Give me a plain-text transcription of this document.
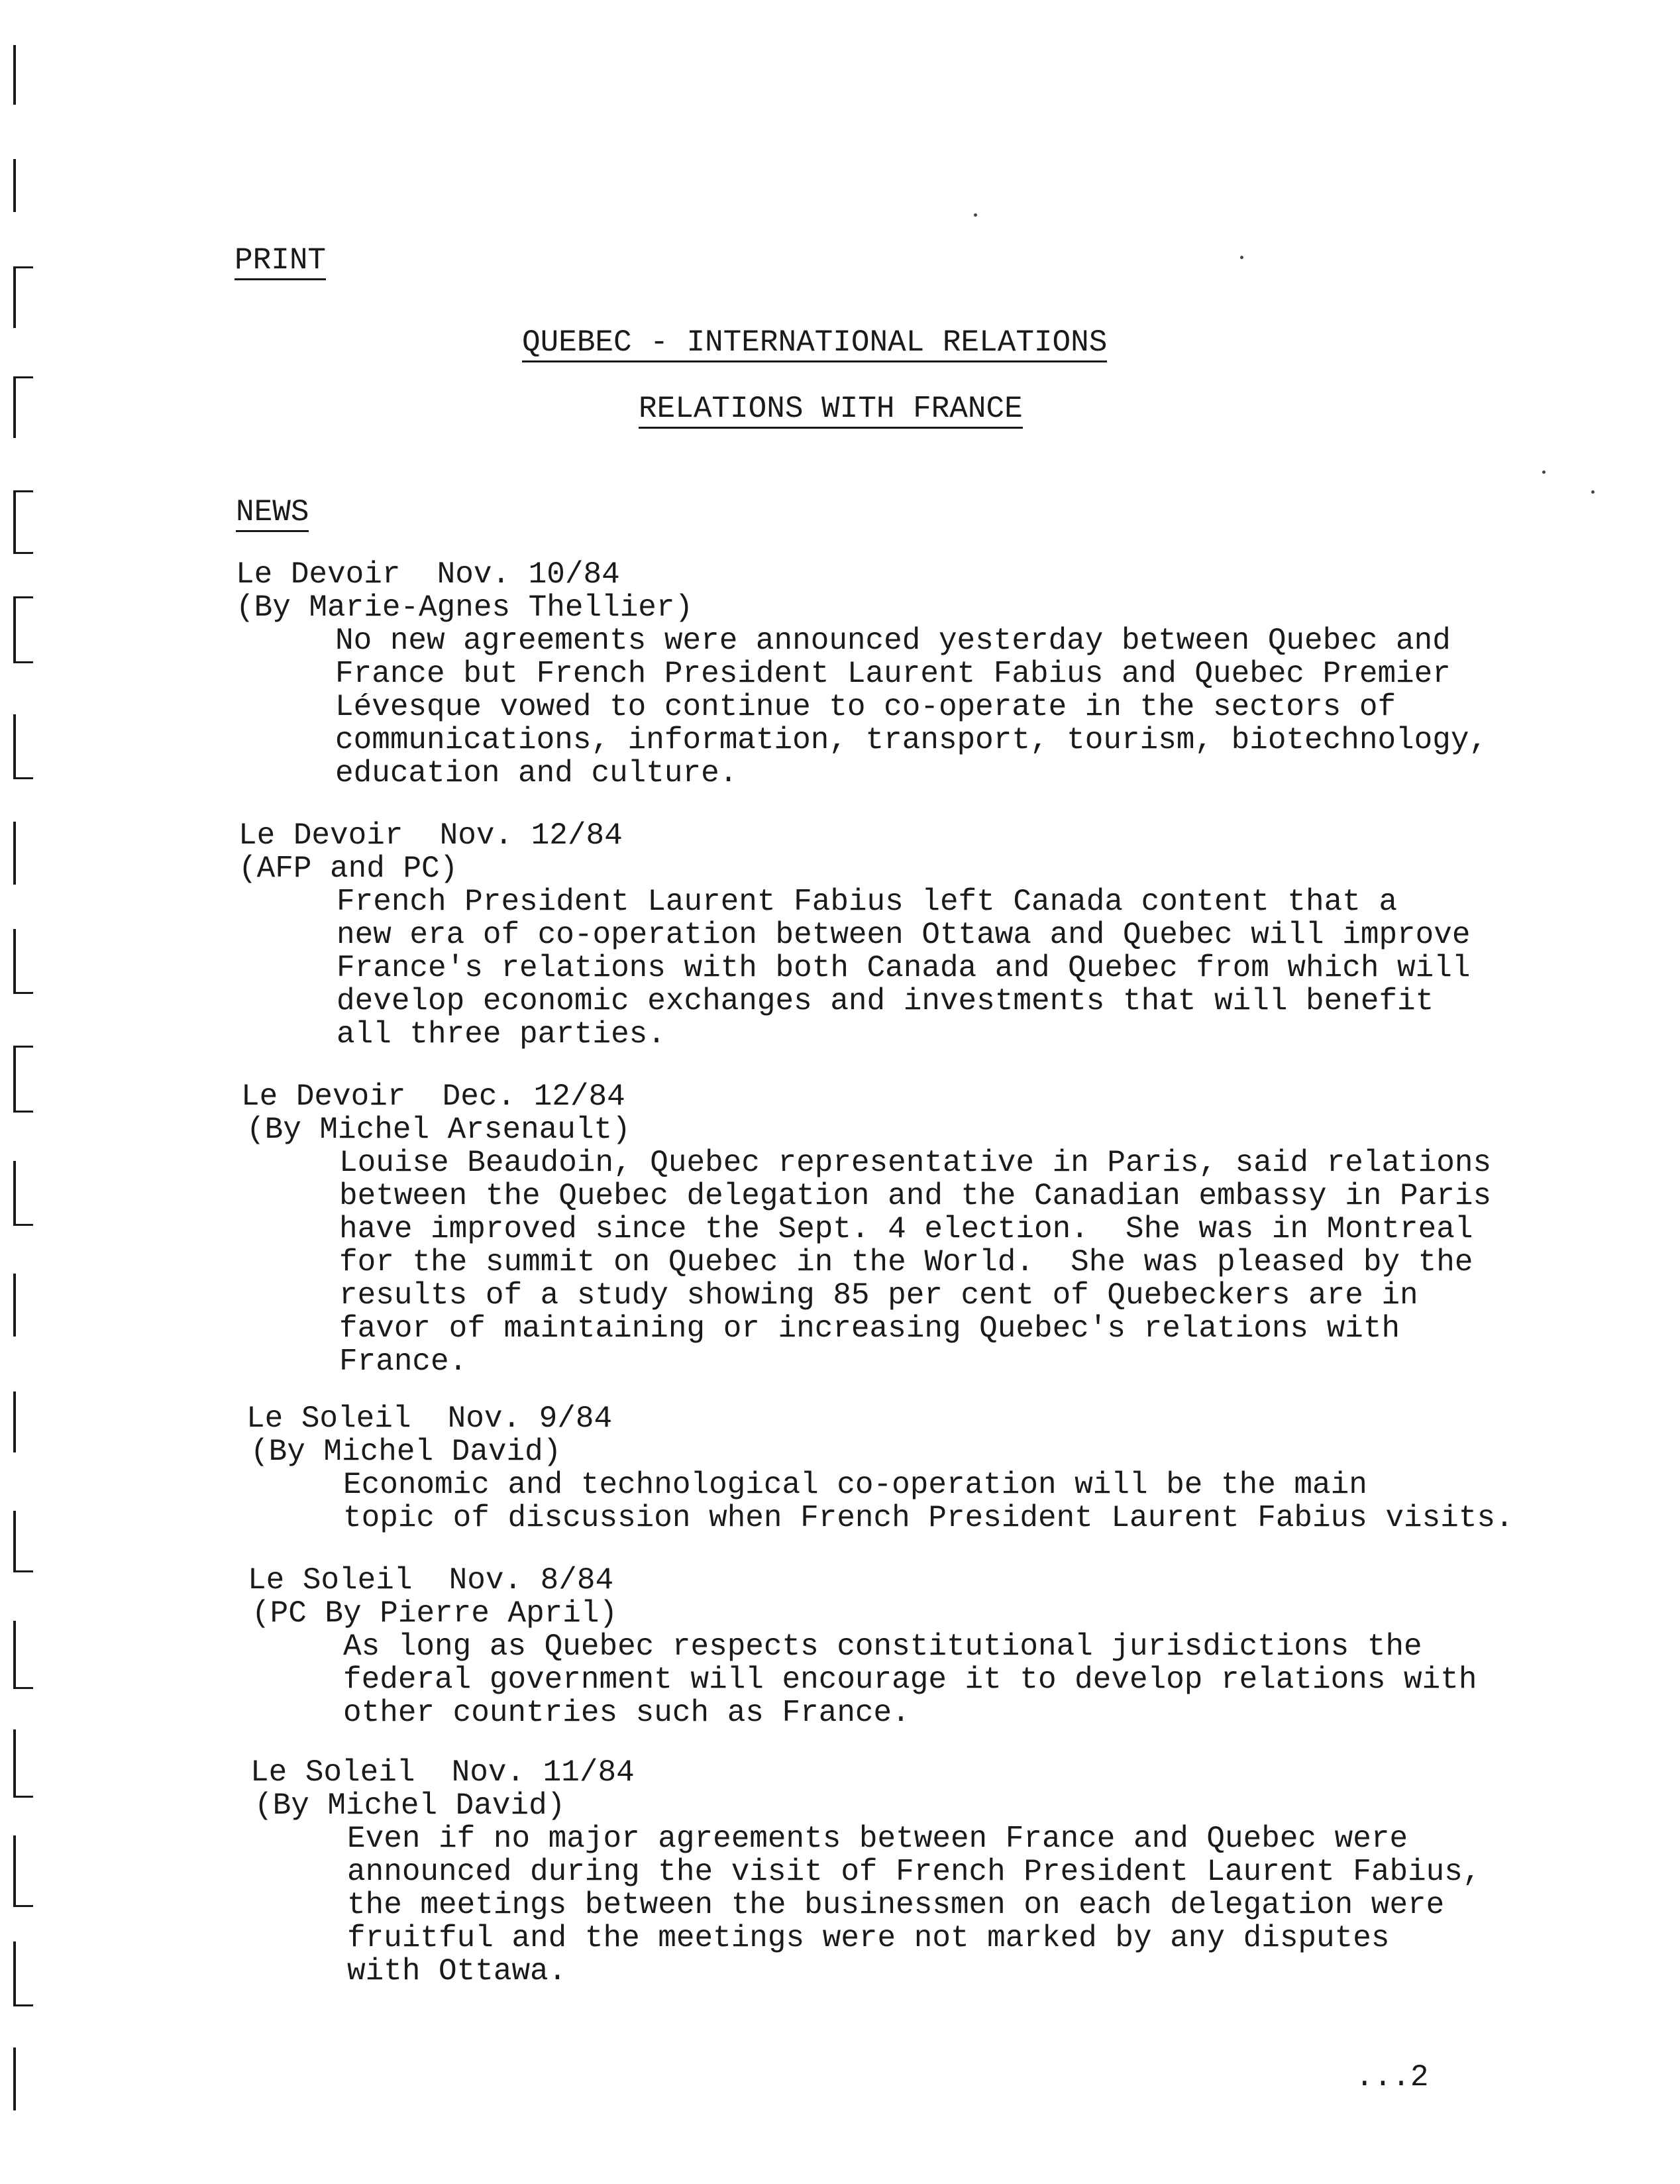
PRINT
QUEBEC - INTERNATIONAL RELATIONS
RELATIONS WITH FRANCE
NEWS
Le Devoir  Nov. 10/84
(By Marie-Agnes Thellier)
No new agreements were announced yesterday between Quebec and
France but French President Laurent Fabius and Quebec Premier
Lévesque vowed to continue to co-operate in the sectors of
communications, information, transport, tourism, biotechnology,
education and culture.
Le Devoir  Nov. 12/84
(AFP and PC)
French President Laurent Fabius left Canada content that a
new era of co-operation between Ottawa and Quebec will improve
France's relations with both Canada and Quebec from which will
develop economic exchanges and investments that will benefit
all three parties.
Le Devoir  Dec. 12/84
(By Michel Arsenault)
Louise Beaudoin, Quebec representative in Paris, said relations
between the Quebec delegation and the Canadian embassy in Paris
have improved since the Sept. 4 election.  She was in Montreal
for the summit on Quebec in the World.  She was pleased by the
results of a study showing 85 per cent of Quebeckers are in
favor of maintaining or increasing Quebec's relations with
France.
Le Soleil  Nov. 9/84
(By Michel David)
Economic and technological co-operation will be the main
topic of discussion when French President Laurent Fabius visits.
Le Soleil  Nov. 8/84
(PC By Pierre April)
As long as Quebec respects constitutional jurisdictions the
federal government will encourage it to develop relations with
other countries such as France.
Le Soleil  Nov. 11/84
(By Michel David)
Even if no major agreements between France and Quebec were
announced during the visit of French President Laurent Fabius,
the meetings between the businessmen on each delegation were
fruitful and the meetings were not marked by any disputes
with Ottawa.
...2
